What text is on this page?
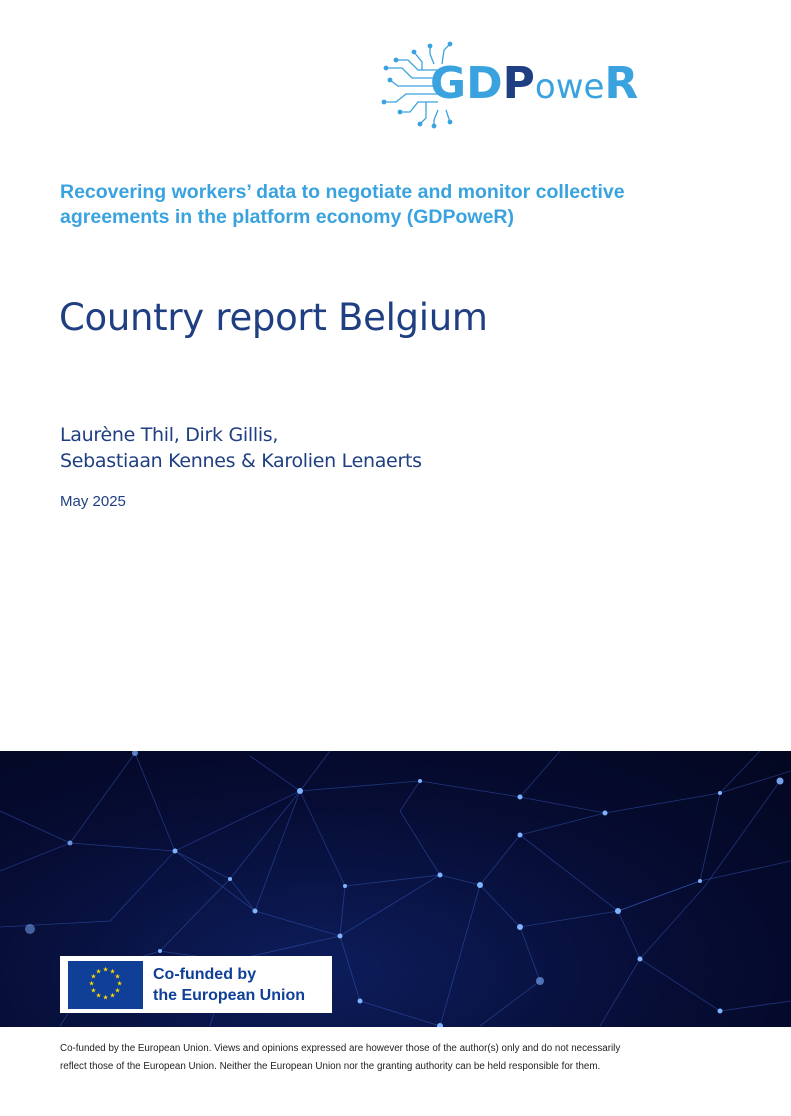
GDPoweR
Recovering workers’ data to negotiate and monitor collective
agreements in the platform economy (GDPoweR)
Country report Belgium
Laurène Thil, Dirk Gillis,
Sebastiaan Kennes & Karolien Lenaerts
May 2025
★ ★
★
★
★
★
★
★
★
★
★
★	Co-funded by
the European Union
Co-funded by the European Union. Views and opinions expressed are however those of the author(s) only and do not necessarily
reflect those of the European Union. Neither the European Union nor the granting authority can be held responsible for them.
